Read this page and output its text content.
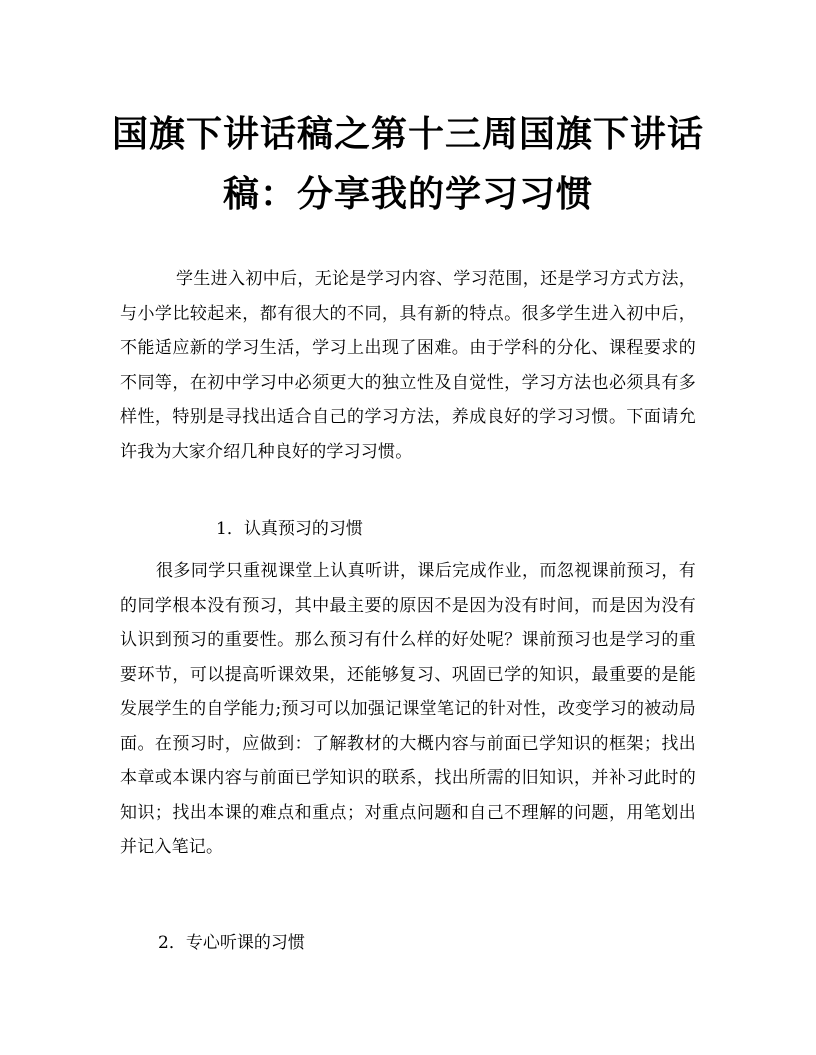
国旗下讲话稿之第十三周国旗下讲话
稿：分享我的学习习惯
学生进入初中后，无论是学习内容、学习范围，还是学习方式方法，与小学比较起来，都有很大的不同，具有新的特点。很多学生进入初中后，不能适应新的学习生活，学习上出现了困难。由于学科的分化、课程要求的不同等，在初中学习中必须更大的独立性及自觉性，学习方法也必须具有多样性，特别是寻找出适合自己的学习方法，养成良好的学习习惯。下面请允许我为大家介绍几种良好的学习习惯。
1．认真预习的习惯
很多同学只重视课堂上认真听讲，课后完成作业，而忽视课前预习，有的同学根本没有预习，其中最主要的原因不是因为没有时间，而是因为没有认识到预习的重要性。那么预习有什么样的好处呢？课前预习也是学习的重要环节，可以提高听课效果，还能够复习、巩固已学的知识，最重要的是能发展学生的自学能力;预习可以加强记课堂笔记的针对性，改变学习的被动局面。在预习时，应做到：了解教材的大概内容与前面已学知识的框架；找出本章或本课内容与前面已学知识的联系，找出所需的旧知识，并补习此时的知识；找出本课的难点和重点；对重点问题和自己不理解的问题，用笔划出并记入笔记。
2．专心听课的习惯
